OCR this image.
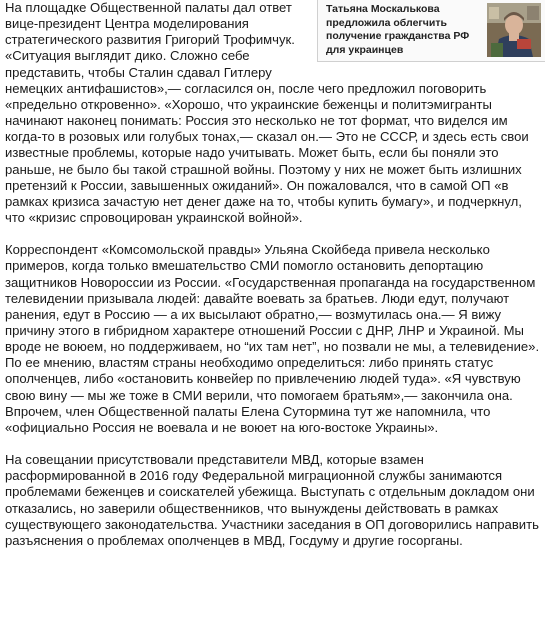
Татьяна Москалькова предложила облегчить получение гражданства РФ для украинцев

На площадке Общественной палаты дал ответ вице-президент Центра моделирования стратегического развития Григорий Трофимчук. «Ситуация выглядит дико. Сложно себе представить, чтобы Сталин сдавал Гитлеру немецких антифашистов»,— согласился он, после чего предложил поговорить «предельно откровенно». «Хорошо, что украинские беженцы и политэмигранты начинают наконец понимать: Россия это несколько не тот формат, что виделся им когда-то в розовых или голубых тонах,— сказал он.— Это не СССР, и здесь есть свои известные проблемы, которые надо учитывать. Может быть, если бы поняли это раньше, не было бы такой страшной войны. Поэтому у них не может быть излишних претензий к России, завышенных ожиданий». Он пожаловался, что в самой ОП «в рамках кризиса зачастую нет денег даже на то, чтобы купить бумагу», и подчеркнул, что «кризис спровоцирован украинской войной».

Корреспондент «Комсомольской правды» Ульяна Скойбеда привела несколько примеров, когда только вмешательство СМИ помогло остановить депортацию защитников Новороссии из России. «Государственная пропаганда на государственном телевидении призывала людей: давайте воевать за братьев. Люди едут, получают ранения, едут в Россию — а их высылают обратно,— возмутилась она.— Я вижу причину этого в гибридном характере отношений России с ДНР, ЛНР и Украиной. Мы вроде не воюем, но поддерживаем, но “их там нет”, но позвали не мы, а телевидение». По ее мнению, властям страны необходимо определиться: либо принять статус ополченцев, либо «остановить конвейер по привлечению людей туда». «Я чувствую свою вину — мы же тоже в СМИ верили, что помогаем братьям»,— закончила она. Впрочем, член Общественной палаты Елена Сутормина тут же напомнила, что «официально Россия не воевала и не воюет на юго-востоке Украины».

На совещании присутствовали представители МВД, которые взамен расформированной в 2016 году Федеральной миграционной службы занимаются проблемами беженцев и соискателей убежища. Выступать с отдельным докладом они отказались, но заверили общественников, что вынуждены действовать в рамках существующего законодательства. Участники заседания в ОП договорились направить разъяснения о проблемах ополченцев в МВД, Госдуму и другие госорганы.
